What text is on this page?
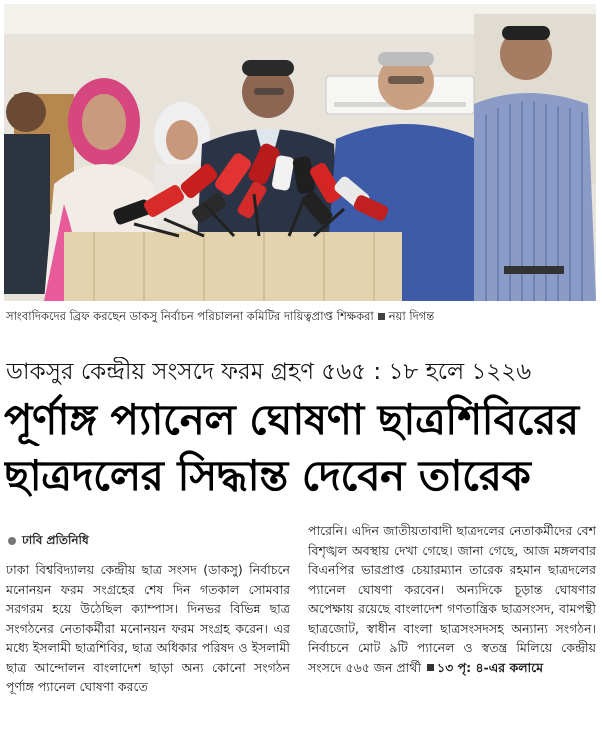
সাংবাদিকদের ব্রিফ করছেন ডাকসু নির্বাচন পরিচালনা কমিটির দায়িত্বপ্রাপ্ত শিক্ষকরা নয়া দিগন্ত
ডাকসুর কেন্দ্রীয় সংসদে ফরম গ্রহণ ৫৬৫ : ১৮ হলে ১২২৬
পূর্ণাঙ্গ প্যানেল ঘোষণা ছাত্রশিবিরের
ছাত্রদলের সিদ্ধান্ত দেবেন তারেক
ঢাবি প্রতিনিধি
ঢাকা বিশ্ববিদ্যালয় কেন্দ্রীয় ছাত্র সংসদ (ডাকসু) নির্বাচনে মনোনয়ন ফরম সংগ্রহের শেষ দিন গতকাল সোমবার সরগরম হয়ে উঠেছিল ক্যাম্পাস। দিনভর বিভিন্ন ছাত্র সংগঠনের নেতাকর্মীরা মনোনয়ন ফরম সংগ্রহ করেন। এর মধ্যে ইসলামী ছাত্রশিবির, ছাত্র অধিকার পরিষদ ও ইসলামী ছাত্র আন্দোলন বাংলাদেশ ছাড়া অন্য কোনো সংগঠন পূর্ণাঙ্গ প্যানেল ঘোষণা করতে
পারেনি। এদিন জাতীয়তাবাদী ছাত্রদলের নেতাকর্মীদের বেশ বিশৃঙ্খল অবস্থায় দেখা গেছে। জানা গেছে, আজ মঙ্গলবার বিএনপির ভারপ্রাপ্ত চেয়ারম্যান তারেক রহমান ছাত্রদলের প্যানেল ঘোষণা করবেন। অন্যদিকে চূড়ান্ত ঘোষণার অপেক্ষায় রয়েছে বাংলাদেশ গণতান্ত্রিক ছাত্রসংসদ, বামপন্থী ছাত্রজোট, স্বাধীন বাংলা ছাত্রসংসদসহ অন্যান্য সংগঠন। নির্বাচনে মোট ৯টি প্যানেল ও স্বতন্ত্র মিলিয়ে কেন্দ্রীয় সংসদে ৫৬৫ জন প্রার্থী ১৩ পৃ: ৪-এর কলামে
